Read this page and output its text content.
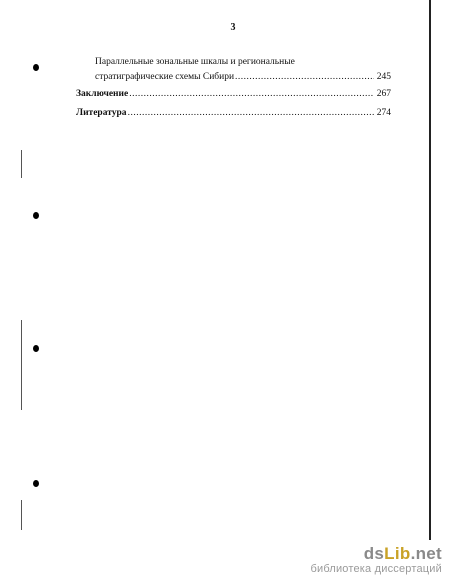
3
Параллельные зональные шкалы и региональные
стратиграфические схемы Сибири .....	245
Заключение .....	267
Литература .....	274
dsLib.net
библиотека диссертаций
